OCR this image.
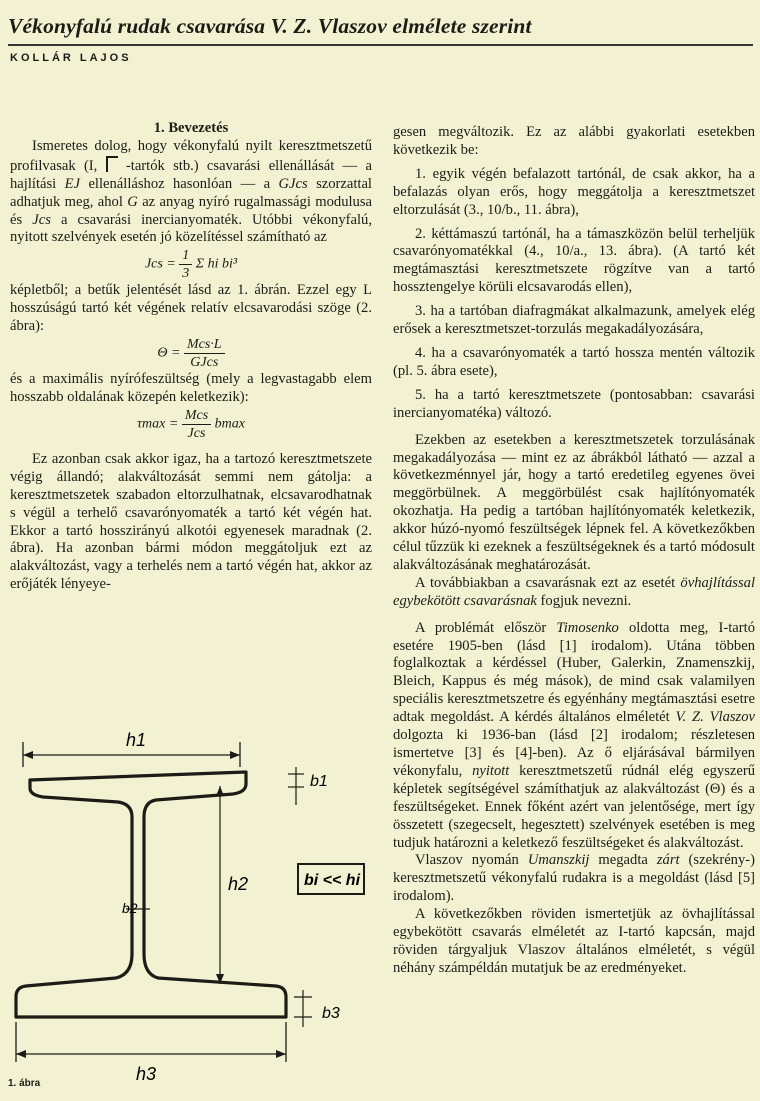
Vékonyfalú rudak csavarása V. Z. Vlaszov elmélete szerint
KOLLÁR LAJOS

1. Bevezetés

Ismeretes dolog, hogy vékonyfalú nyilt keresztmetszetű profilvasak (I, -tartók stb.) csavarási ellenállását — a hajlítási EJ ellenálláshoz hasonlóan — a GJcs szorzattal adhatjuk meg, ahol G az anyag nyíró rugalmassági modulusa és Jcs a csavarási inercianyomaték. Utóbbi vékonyfalú, nyitott szelvények esetén jó közelítéssel számítható az

Jcs = $\frac{1}{3}$ Σ hi bi³

képletből; a betűk jelentését lásd az 1. ábrán. Ezzel egy L hosszúságú tartó két végének relatív elcsavarodási szöge (2. ábra):

$\Theta = \frac{\text{Mcs·L}}{\text{GJcs}}$

és a maximális nyírófeszültség (mely a legvastagabb elem hosszabb oldalának közepén keletkezik):

$\tau\max = \frac{\text{Mcs}}{\text{Jcs}}$ bmax

Ez azonban csak akkor igaz, ha a tartozó keresztmetszete végig állandó; alakváltozását semmi nem gátolja: a keresztmetszetek szabadon eltorzulhatnak, elcsavarodhatnak s végül a terhelő csavarónyomaték a tartó két végén hat. Ekkor a tartó hosszirányú alkotói egyenesek maradnak (2. ábra). Ha azonban bármi módon meggátoljuk ezt az alakváltozást, vagy a terhelés nem a tartó végén hat, akkor az erőjáték lényeye-

h1
b1
h2	bi << hi
b2
b3
h3
1. ábra

gesen megváltozik. Ez az alábbi gyakorlati esetekben következik be:

1. egyik végén befalazott tartónál, de csak akkor, ha a befalazás olyan erős, hogy meggátolja a keresztmetszet eltorzulását (3., 10/b., 11. ábra),

2. kéttámaszú tartónál, ha a támaszközön belül terheljük csavarónyomatékkal (4., 10/a., 13. ábra). (A tartó két megtámasztási keresztmetszete rögzítve van a tartó hossztengelye körüli elcsavarodás ellen),

3. ha a tartóban diafragmákat alkalmazunk, amelyek elég erősek a keresztmetszet-torzulás megakadályozására,

4. ha a csavarónyomaték a tartó hossza mentén változik (pl. 5. ábra esete),

5. ha a tartó keresztmetszete (pontosabban: csavarási inercianyomatéka) változó.

Ezekben az esetekben a keresztmetszetek torzulásának megakadályozása — mint ez az ábrákból látható — azzal a következménnyel jár, hogy a tartó eredetileg egyenes övei meggörbülnek. A meggörbülést csak hajlítónyomaték okozhatja. Ha pedig a tartóban hajlítónyomaték keletkezik, akkor húzó-nyomó feszültségek lépnek fel. A következőkben célul tűzzük ki ezeknek a feszültségeknek és a tartó módosult alakváltozásának meghatározását.

A továbbiakban a csavarásnak ezt az esetét övhajlítással egybekötött csavarásnak fogjuk nevezni.

A problémát először Timosenko oldotta meg, I-tartó esetére 1905-ben (lásd [1] irodalom). Utána többen foglalkoztak a kérdéssel (Huber, Galerkin, Znamenszkij, Bleich, Kappus és még mások), de mind csak valamilyen speciális keresztmetszetre és egyénhány megtámasztási esetre adtak megoldást. A kérdés általános elméletét V. Z. Vlaszov dolgozta ki 1936-ban (lásd [2] irodalom; részletesen ismertetve [3] és [4]-ben). Az ő eljárásával bármilyen vékonyfalu, nyitott keresztmetszetű rúdnál elég egyszerű képletek segítségével számíthatjuk az alakváltozást (Θ) és a feszültségeket. Ennek főként azért van jelentősége, mert így összetett (szegecselt, hegesztett) szelvények esetében is meg tudjuk határozni a keletkező feszültségeket és alakváltozást.

Vlaszov nyomán Umanszkij megadta zárt (szekrény-) keresztmetszetű vékonyfalú rudakra is a megoldást (lásd [5] irodalom).

A következőkben röviden ismertetjük az övhajlítással egybekötött csavarás elméletét az I-tartó kapcsán, majd röviden tárgyaljuk Vlaszov általános elméletét, s végül néhány számpéldán mutatjuk be az eredményeket.
